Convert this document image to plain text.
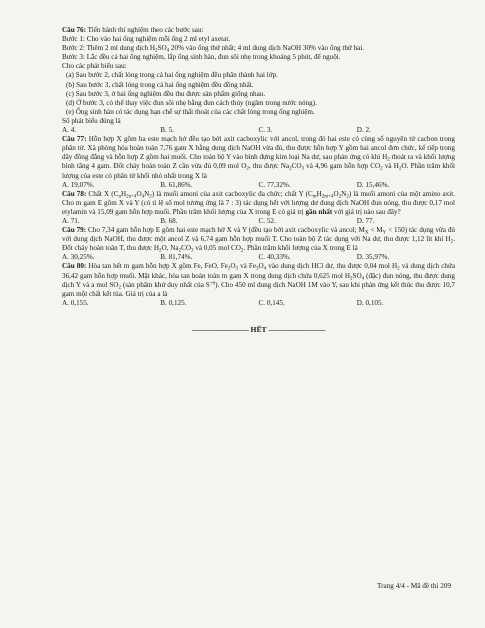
Câu 76: Tiến hành thí nghiệm theo các bước sau:

Bước 1: Cho vào hai ống nghiệm mỗi ống 2 ml etyl axetat.

Bước 2: Thêm 2 ml dung dịch $H_2SO_4$ 20% vào ống thứ nhất; 4 ml dung dịch NaOH 30% vào ống thứ hai.

Bước 3: Lắc đều cả hai ống nghiệm, lắp ống sinh hàn, đun sôi nhẹ trong khoảng 5 phút, để nguội.

Cho các phát biểu sau:

(a) Sau bước 2, chất lỏng trong cả hai ống nghiệm đều phân thành hai lớp.

(b) Sau bước 3, chất lỏng trong cả hai ống nghiệm đều đồng nhất.

(c) Sau bước 3, ở hai ống nghiệm đều thu được sản phẩm giống nhau.

(d) Ở bước 3, có thể thay việc đun sôi nhẹ bằng đun cách thủy (ngâm trong nước nóng).

(e) Ống sinh hàn có tác dụng hạn chế sự thất thoát của các chất lỏng trong ống nghiệm.

Số phát biểu đúng là

A. 4.	B. 5.	C. 3.	D. 2.

Câu 77: Hỗn hợp X gồm ba este mạch hở đều tạo bởi axit cacboxylic với ancol, trong đó hai este có cùng số nguyên tử cacbon trong phân tử. Xà phòng hóa hoàn toàn 7,76 gam X bằng dung dịch NaOH vừa đủ, thu được hỗn hợp Y gồm hai ancol đơn chức, kế tiếp trong dãy đồng đẳng và hỗn hợp Z gồm hai muối. Cho toàn bộ Y vào bình đựng kim loại Na dư, sau phản ứng có khí $H_2$ thoát ra và khối lượng bình tăng 4 gam. Đốt cháy hoàn toàn Z cần vừa đủ 0,09 mol $O_2$, thu được $Na_2CO_3$ và 4,96 gam hỗn hợp $CO_2$ và $H_2O$. Phần trăm khối lượng của este có phân tử khối nhỏ nhất trong X là

A. 19,07%.	B. 61,86%.	C. 77,32%.	D. 15,46%.

Câu 78: Chất X $(C_nH_{2n+4}O_4N_2)$ là muối amoni của axit cacboxylic đa chức; chất Y $(C_mH_{2m+4}O_2N_2)$ là muối amoni của một amino axit. Cho m gam E gồm X và Y (có tỉ lệ số mol tương ứng là 7 : 3) tác dụng hết với lượng dư dung dịch NaOH đun nóng, thu được 0,17 mol etylamin và 15,09 gam hỗn hợp muối. Phần trăm khối lượng của X trong E có giá trị gần nhất với giá trị nào sau đây?

A. 71.	B. 68.	C. 52.	D. 77.

Câu 79: Cho 7,34 gam hỗn hợp E gồm hai este mạch hở X và Y (đều tạo bởi axit cacboxylic và ancol; $M_X < M_Y < 150$) tác dụng vừa đủ với dung dịch NaOH, thu được một ancol Z và 6,74 gam hỗn hợp muối T. Cho toàn bộ Z tác dụng với Na dư, thu được 1,12 lít khí $H_2$. Đốt cháy hoàn toàn T, thu được $H_2O$, $Na_2CO_3$ và 0,05 mol $CO_2$. Phần trăm khối lượng của X trong E là

A. 30,25%.	B. 81,74%.	C. 40,33%.	D. 35,97%.

Câu 80: Hòa tan hết m gam hỗn hợp X gồm Fe, FeO, $Fe_2O_3$ và $Fe_3O_4$ vào dung dịch HCl dư, thu được 0,04 mol $H_2$ và dung dịch chứa 36,42 gam hỗn hợp muối. Mặt khác, hòa tan hoàn toàn m gam X trong dung dịch chứa 0,625 mol $H_2SO_4$ (đặc) đun nóng, thu được dung dịch Y và a mol $SO_2$ (sản phẩm khử duy nhất của $S^{+6}$). Cho 450 ml dung dịch NaOH 1M vào Y, sau khi phản ứng kết thúc thu được 10,7 gam một chất kết tủa. Giá trị của a là

A. 0,155.	B. 0,125.	C. 0,145.	D. 0,105.
---------------------------- HẾT ----------------------------
Trang 4/4 - Mã đề thi 209
